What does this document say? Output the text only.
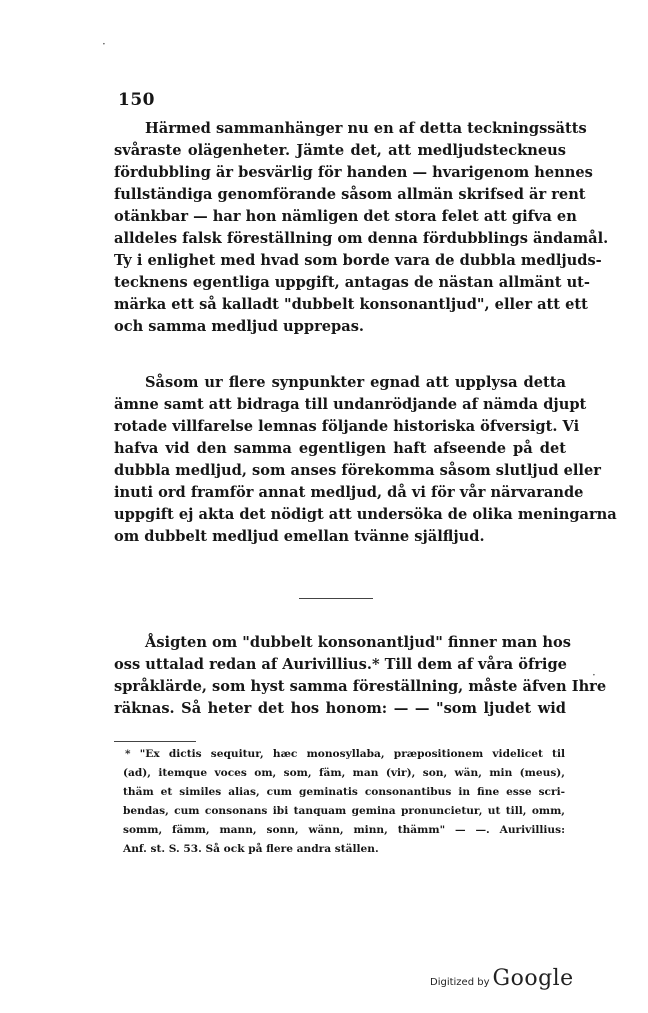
·
·
150
Härmed sammanhänger nu en af detta teckningssätts
svåraste olägenheter. Jämte det, att medljudsteckneus
fördubbling är besvärlig för handen — hvarigenom hennes
fullständiga genomförande såsom allmän skrifsed är rent
otänkbar — har hon nämligen det stora felet att gifva en
alldeles falsk föreställning om denna fördubblings ändamål.
Ty i enlighet med hvad som borde vara de dubbla medljuds-
tecknens egentliga uppgift, antagas de nästan allmänt ut-
märka ett så kalladt "dubbelt konsonantljud", eller att ett
och samma medljud upprepas.
Såsom ur flere synpunkter egnad att upplysa detta
ämne samt att bidraga till undanrödjande af nämda djupt
rotade villfarelse lemnas följande historiska öfversigt. Vi
hafva vid den samma egentligen haft afseende på det
dubbla medljud, som anses förekomma såsom slutljud eller
inuti ord framför annat medljud, då vi för vår närvarande
uppgift ej akta det nödigt att undersöka de olika meningarna
om dubbelt medljud emellan tvänne själfljud.
Åsigten om "dubbelt konsonantljud" finner man hos
oss uttalad redan af Aurivillius.* Till dem af våra öfrige
språklärde, som hyst samma föreställning, måste äfven Ihre
räknas. Så heter det hos honom: — — "som ljudet wid
* "Ex dictis sequitur, hæc monosyllaba, præpositionem videlicet til
(ad), itemque voces om, som, fäm, man (vir), son, wän, min (meus),
thäm et similes alias, cum geminatis consonantibus in fine esse scri-
bendas, cum consonans ibi tanquam gemina pronuncietur, ut till, omm,
somm, fämm, mann, sonn, wänn, minn, thämm" — —. Aurivillius:
Anf. st. S. 53. Så ock på flere andra ställen.
Digitized by Google
